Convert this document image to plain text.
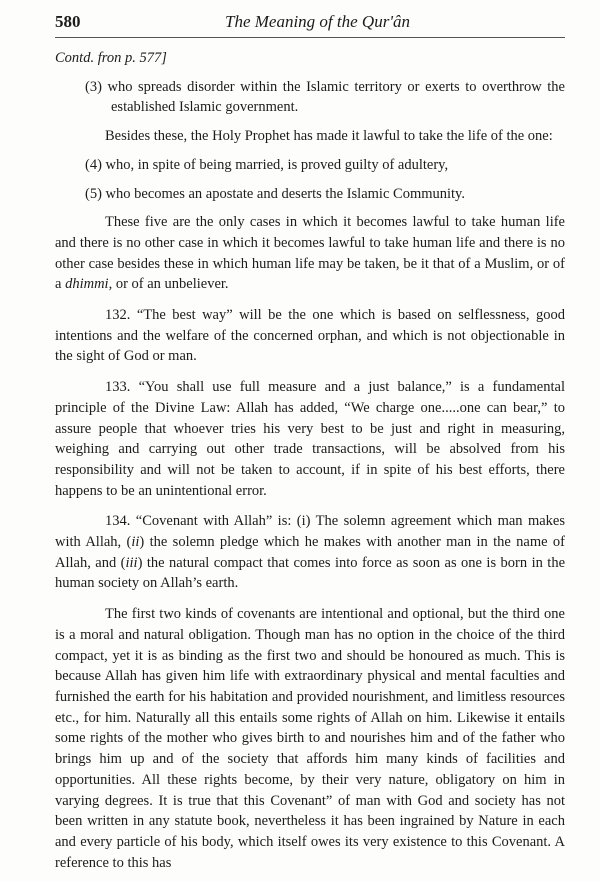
580	The Meaning of the Qur'ân

Contd. fron p. 577]

(3) who spreads disorder within the Islamic territory or exerts to overthrow the established Islamic government.

Besides these, the Holy Prophet has made it lawful to take the life of the one:

(4) who, in spite of being married, is proved guilty of adultery,

(5) who becomes an apostate and deserts the Islamic Community.

These five are the only cases in which it becomes lawful to take human life and there is no other case in which it becomes lawful to take human life and there is no other case besides these in which human life may be taken, be it that of a Muslim, or of a dhimmi, or of an unbeliever.

132. “The best way” will be the one which is based on selflessness, good intentions and the welfare of the concerned orphan, and which is not objectionable in the sight of God or man.

133. “You shall use full measure and a just balance,” is a fundamental principle of the Divine Law: Allah has added, “We charge one.....one can bear,” to assure people that whoever tries his very best to be just and right in measuring, weighing and carrying out other trade transactions, will be absolved from his responsibility and will not be taken to account, if in spite of his best efforts, there happens to be an unintentional error.

134. “Covenant with Allah” is: (i) The solemn agreement which man makes with Allah, (ii) the solemn pledge which he makes with another man in the name of Allah, and (iii) the natural compact that comes into force as soon as one is born in the human society on Allah’s earth.

The first two kinds of covenants are intentional and optional, but the third one is a moral and natural obligation. Though man has no option in the choice of the third compact, yet it is as binding as the first two and should be honoured as much. This is because Allah has given him life with extraordinary physical and mental faculties and furnished the earth for his habitation and provided nourishment, and limitless resources etc., for him. Naturally all this entails some rights of Allah on him. Likewise it entails some rights of the mother who gives birth to and nourishes him and of the father who brings him up and of the society that affords him many kinds of facilities and opportunities. All these rights become, by their very nature, obligatory on him in varying degrees. It is true that this Covenant” of man with God and society has not been written in any statute book, nevertheless it has been ingrained by Nature in each and every particle of his body, which itself owes its very existence to this Covenant. A reference to this has
